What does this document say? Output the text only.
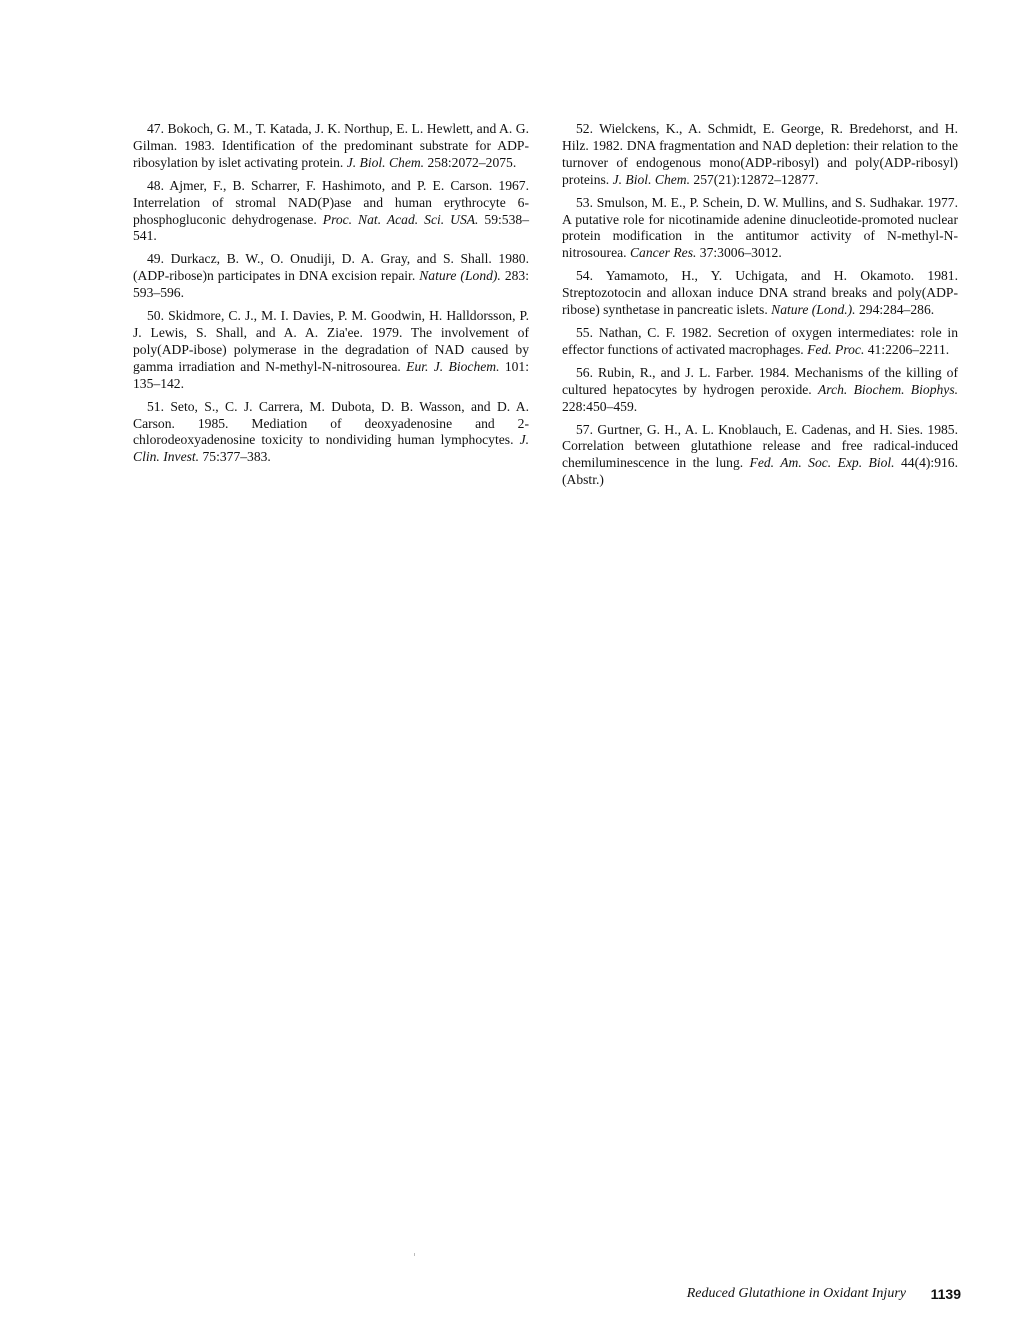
47. Bokoch, G. M., T. Katada, J. K. Northup, E. L. Hewlett, and A. G. Gilman. 1983. Identification of the predominant substrate for ADP-ribosylation by islet activating protein. J. Biol. Chem. 258:2072–2075.

48. Ajmer, F., B. Scharrer, F. Hashimoto, and P. E. Carson. 1967. Interrelation of stromal NAD(P)ase and human erythrocyte 6-phosphogluconic dehydrogenase. Proc. Nat. Acad. Sci. USA. 59:538–541.

49. Durkacz, B. W., O. Onudiji, D. A. Gray, and S. Shall. 1980. (ADP-ribose)n participates in DNA excision repair. Nature (Lond). 283: 593–596.

50. Skidmore, C. J., M. I. Davies, P. M. Goodwin, H. Halldorsson, P. J. Lewis, S. Shall, and A. A. Zia'ee. 1979. The involvement of poly(ADP-ibose) polymerase in the degradation of NAD caused by gamma irradiation and N-methyl-N-nitrosourea. Eur. J. Biochem. 101: 135–142.

51. Seto, S., C. J. Carrera, M. Dubota, D. B. Wasson, and D. A. Carson. 1985. Mediation of deoxyadenosine and 2-chlorodeoxyadenosine toxicity to nondividing human lymphocytes. J. Clin. Invest. 75:377–383.

52. Wielckens, K., A. Schmidt, E. George, R. Bredehorst, and H. Hilz. 1982. DNA fragmentation and NAD depletion: their relation to the turnover of endogenous mono(ADP-ribosyl) and poly(ADP-ribosyl) proteins. J. Biol. Chem. 257(21):12872–12877.

53. Smulson, M. E., P. Schein, D. W. Mullins, and S. Sudhakar. 1977. A putative role for nicotinamide adenine dinucleotide-promoted nuclear protein modification in the antitumor activity of N-methyl-N-nitrosourea. Cancer Res. 37:3006–3012.

54. Yamamoto, H., Y. Uchigata, and H. Okamoto. 1981. Streptozotocin and alloxan induce DNA strand breaks and poly(ADP-ribose) synthetase in pancreatic islets. Nature (Lond.). 294:284–286.

55. Nathan, C. F. 1982. Secretion of oxygen intermediates: role in effector functions of activated macrophages. Fed. Proc. 41:2206–2211.

56. Rubin, R., and J. L. Farber. 1984. Mechanisms of the killing of cultured hepatocytes by hydrogen peroxide. Arch. Biochem. Biophys. 228:450–459.

57. Gurtner, G. H., A. L. Knoblauch, E. Cadenas, and H. Sies. 1985. Correlation between glutathione release and free radical-induced chemiluminescence in the lung. Fed. Am. Soc. Exp. Biol. 44(4):916. (Abstr.)

Reduced Glutathione in Oxidant Injury 1139
